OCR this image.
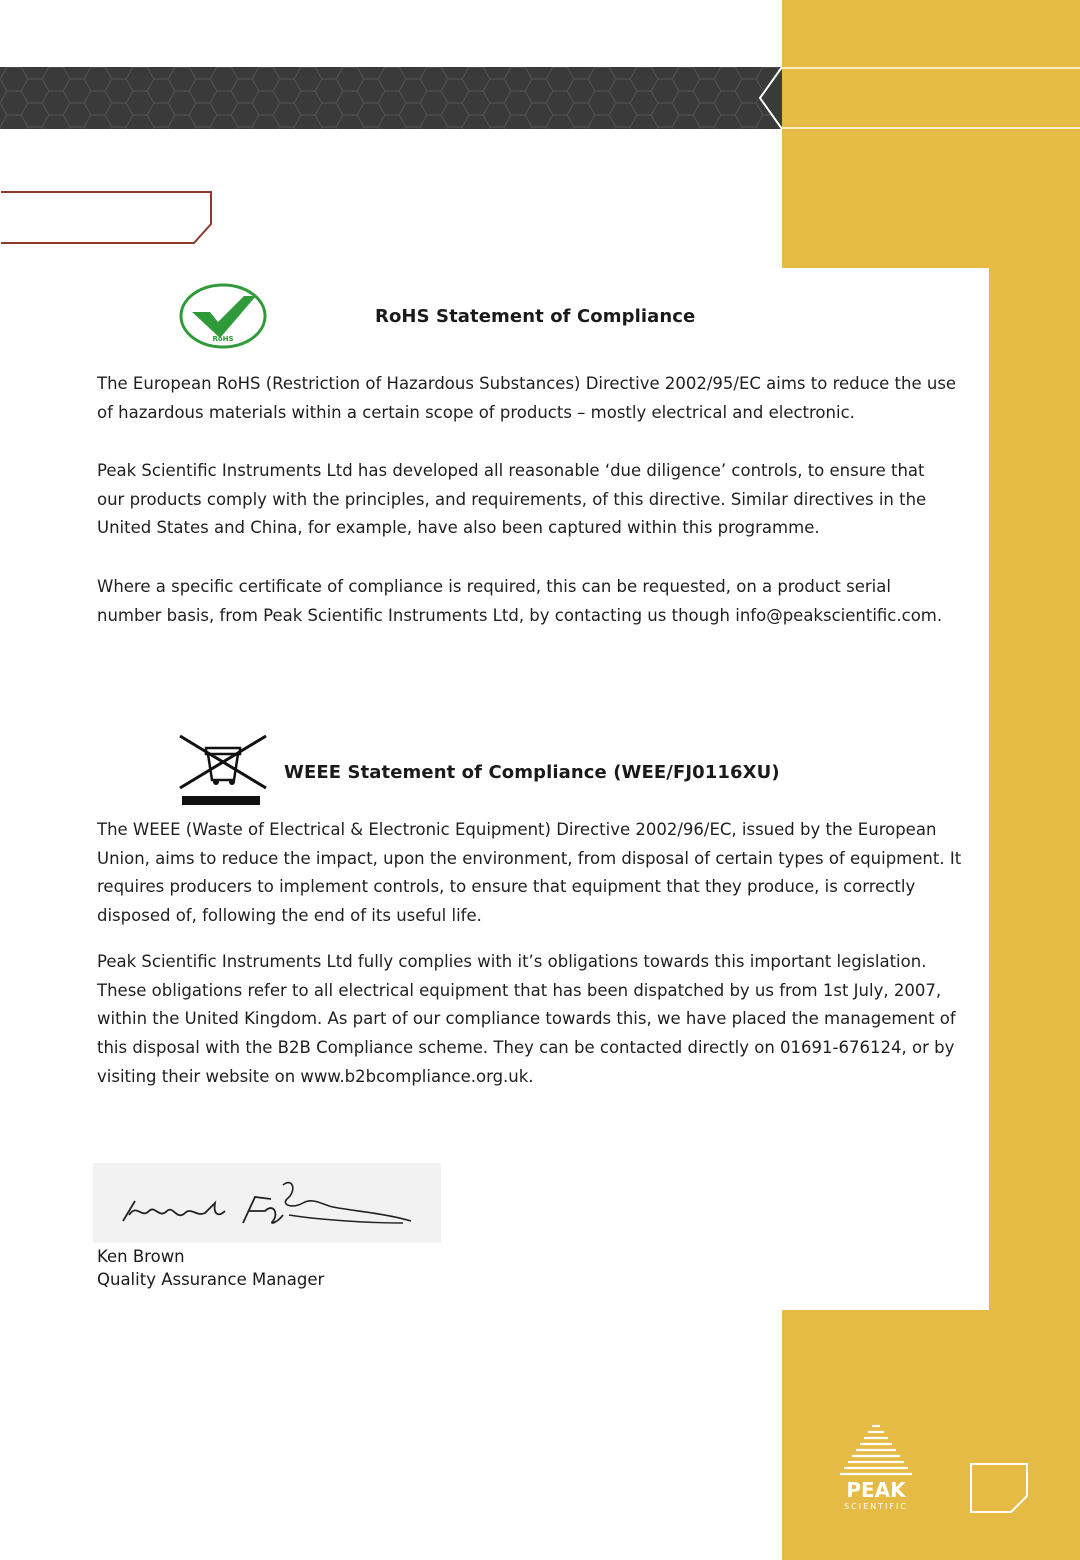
RoHS
RoHS Statement of Compliance

The European RoHS (Restriction of Hazardous Substances) Directive 2002/95/EC aims to reduce the use of hazardous materials within a certain scope of products – mostly electrical and electronic.

Peak Scientific Instruments Ltd has developed all reasonable ‘due diligence’ controls, to ensure that our products comply with the principles, and requirements, of this directive. Similar directives in the United States and China, for example, have also been captured within this programme.

Where a specific certificate of compliance is required, this can be requested, on a product serial number basis, from Peak Scientific Instruments Ltd, by contacting us though info@peakscientific.com.

WEEE Statement of Compliance (WEE/FJ0116XU)

The WEEE (Waste of Electrical & Electronic Equipment) Directive 2002/96/EC, issued by the European Union, aims to reduce the impact, upon the environment, from disposal of certain types of equipment. It requires producers to implement controls, to ensure that equipment that they produce, is correctly disposed of, following the end of its useful life.

Peak Scientific Instruments Ltd fully complies with it’s obligations towards this important legislation. These obligations refer to all electrical equipment that has been dispatched by us from 1st July, 2007, within the United Kingdom. As part of our compliance towards this, we have placed the management of this disposal with the B2B Compliance scheme. They can be contacted directly on 01691-676124, or by visiting their website on www.b2bcompliance.org.uk.

Ken Brown
Quality Assurance Manager
PEAK
SCIENTIFIC
